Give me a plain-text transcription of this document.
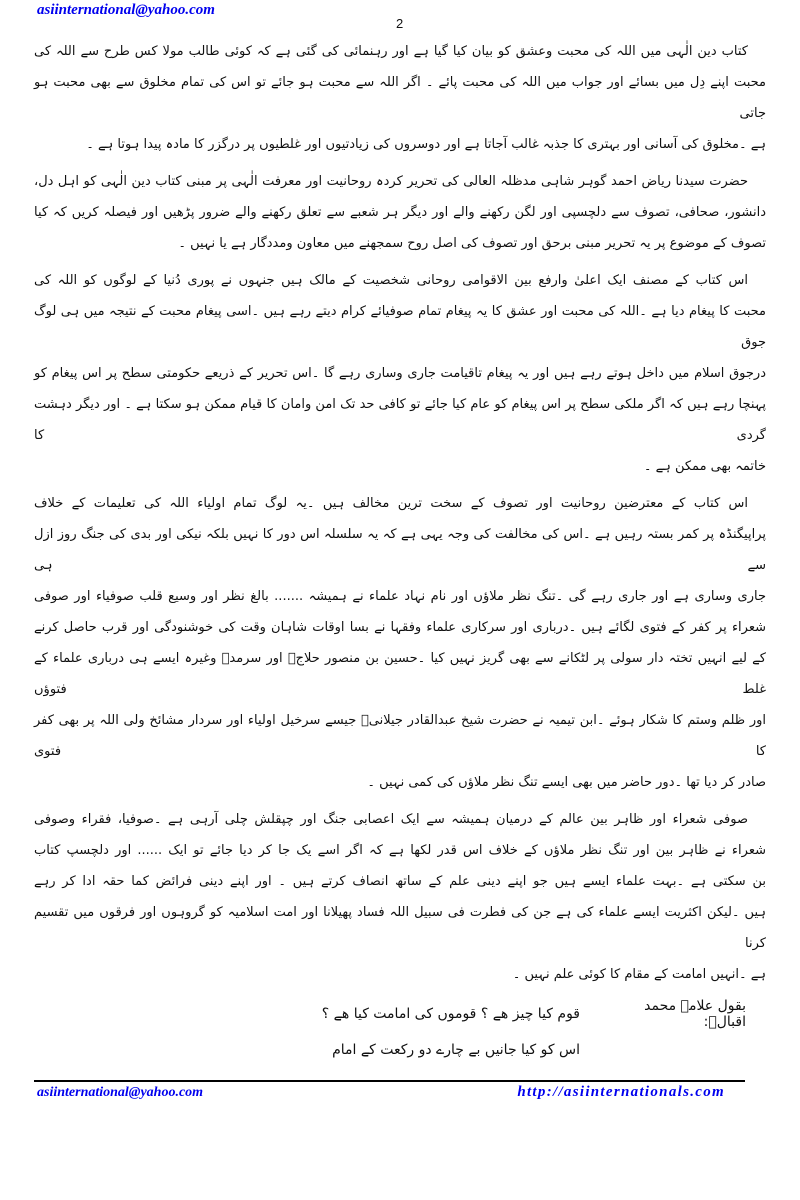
asiinternational@yahoo.com
2

کتاب دین الٰہی میں اللہ کی محبت وعشق کو بیان کیا گیا ہے اور رہنمائی کی گئی ہے کہ کوئی طالب مولا کس طرح سے اللہ کی
محبت اپنے دِل میں بسائے اور جواب میں اللہ کی محبت پائے ۔ اگر اللہ سے محبت ہو جائے تو اس کی تمام مخلوق سے بھی محبت ہو جاتی
ہے ۔مخلوق کی آسانی اور بہتری کا جذبہ غالب آجاتا ہے اور دوسروں کی زیادتیوں اور غلطیوں پر درگزر کا مادہ پیدا ہوتا ہے ۔

حضرت سیدنا ریاض احمد گوہر شاہی مدظلہ العالی کی تحریر کردہ روحانیت اور معرفت الٰہی پر مبنی کتاب دین الٰہی کو اہل دل،
دانشور، صحافی، تصوف سے دلچسپی اور لگن رکھنے والے اور دیگر ہر شعبے سے تعلق رکھنے والے ضرور پڑھیں اور فیصلہ کریں کہ کیا
تصوف کے موضوع پر یہ تحریر مبنی برحق اور تصوف کی اصل روح سمجھنے میں معاون ومددگار ہے یا نہیں ۔

اس کتاب کے مصنف ایک اعلیٰ وارفع بین الاقوامی روحانی شخصیت کے مالک ہیں جنہوں نے پوری دُنیا کے لوگوں کو اللہ کی
محبت کا پیغام دیا ہے ۔اللہ کی محبت اور عشق کا یہ پیغام تمام صوفیائے کرام دیتے رہے ہیں ۔اسی پیغام محبت کے نتیجہ میں ہی لوگ جوق
درجوق اسلام میں داخل ہوتے رہے ہیں اور یہ پیغام تاقیامت جاری وساری رہے گا ۔اس تحریر کے ذریعے حکومتی سطح پر اس پیغام کو
پہنچا رہے ہیں کہ اگر ملکی سطح پر اس پیغام کو عام کیا جائے تو کافی حد تک امن وامان کا قیام ممکن ہو سکتا ہے ۔ اور دیگر دہشت گردی کا
خاتمہ بھی ممکن ہے ۔

اس کتاب کے معترضین روحانیت اور تصوف کے سخت ترین مخالف ہیں ۔یہ لوگ تمام اولیاء اللہ کی تعلیمات کے خلاف
پراپیگنڈہ پر کمر بستہ رہیں ہے ۔اس کی مخالفت کی وجہ یہی ہے کہ یہ سلسلہ اس دور کا نہیں بلکہ نیکی اور بدی کی جنگ روز ازل سے ہی
جاری وساری ہے اور جاری رہے گی ۔تنگ نظر ملاؤں اور نام نہاد علماء نے ہمیشہ ....... بالغ نظر اور وسیع قلب صوفیاء اور صوفی
شعراء پر کفر کے فتوی لگائے ہیں ۔درباری اور سرکاری علماء وفقہا نے بسا اوقات شاہان وقت کی خوشنودگی اور قرب حاصل کرنے
کے لیے انہیں تختہ دار سولی پر لٹکانے سے بھی گریز نہیں کیا ۔حسین بن منصور حلاجؒ اور سرمدؒ وغیرہ ایسے ہی درباری علماء کے غلط فتوؤں
اور ظلم وستم کا شکار ہوئے ۔ابن تیمیہ نے حضرت شیخ عبدالقادر جیلانیؓ جیسے سرخیل اولیاء اور سردار مشائخ ولی اللہ پر بھی کفر کا فتوی
صادر کر دیا تھا ۔دور حاضر میں بھی ایسے تنگ نظر ملاؤں کی کمی نہیں ۔

صوفی شعراء اور ظاہر بین عالم کے درمیان ہمیشہ سے ایک اعصابی جنگ اور چپقلش چلی آرہی ہے ۔صوفیا، فقراء وصوفی
شعراء نے ظاہر بین اور تنگ نظر ملاؤں کے خلاف اس قدر لکھا ہے کہ اگر اسے یک جا کر دیا جائے تو ایک ...... اور دلچسپ کتاب
بن سکتی ہے ۔بہت علماء ایسے ہیں جو اپنے دینی علم کے ساتھ انصاف کرتے ہیں ۔ اور اپنے دینی فرائض کما حقہ ادا کر رہے
ہیں ۔لیکن اکثریت ایسے علماء کی ہے جن کی فطرت فی سبیل اللہ فساد پھیلانا اور امت اسلامیہ کو گروہوں اور فرقوں میں تقسیم کرنا
ہے ۔انہیں امامت کے مقام کا کوئی علم نہیں ۔

بقول علامہ محمد اقبالؒ:
قوم کیا چیز ھے ؟ قوموں کی امامت کیا ھے ؟
اس کو کیا جانیں بے چارے دو رکعت کے امام
asiinternational@yahoo.com	http://asiinternationals.com
